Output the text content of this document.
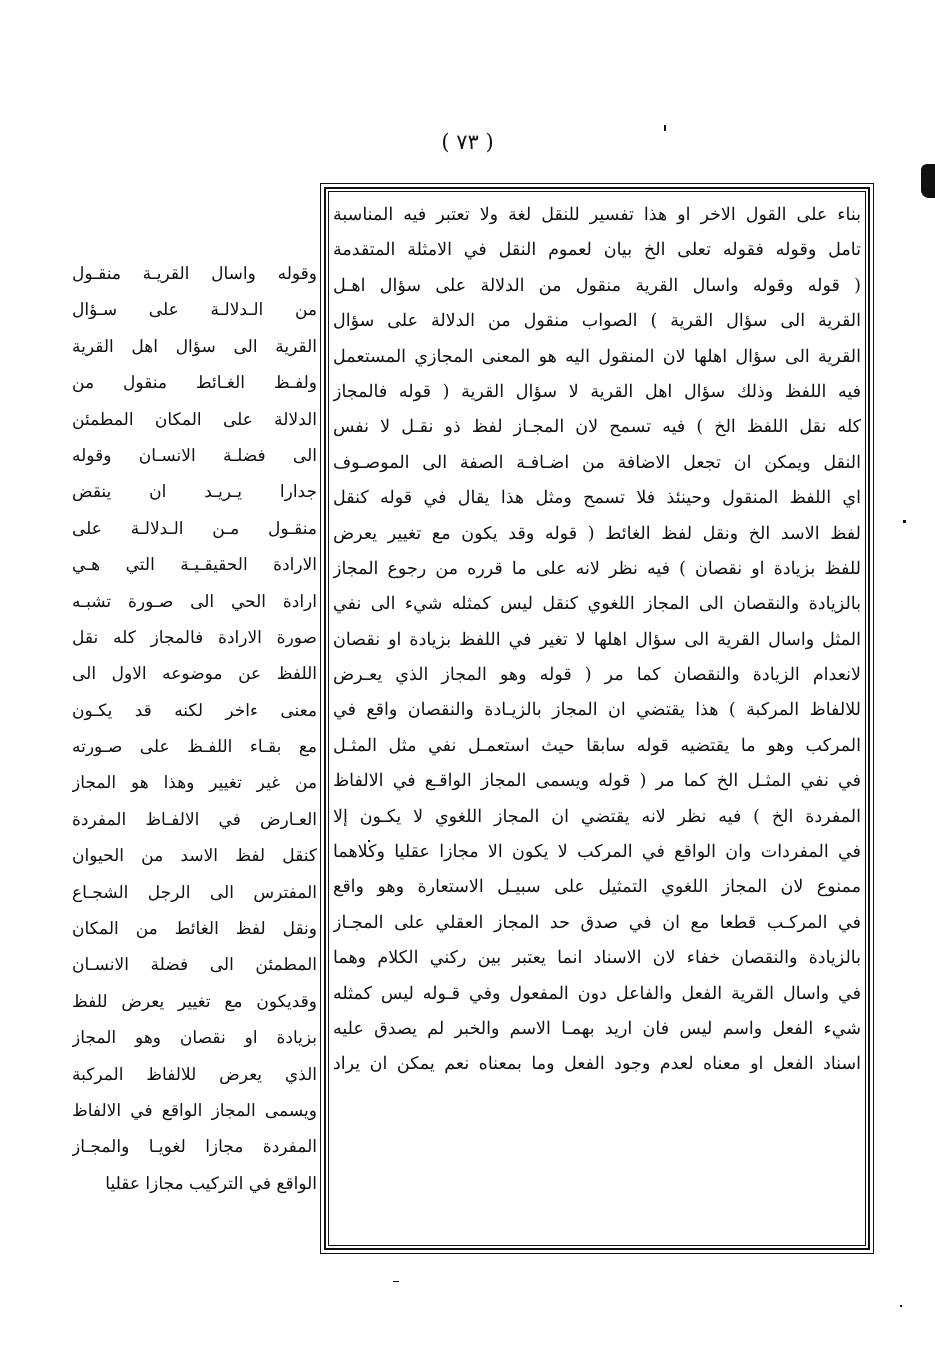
( ٧٣ )
بناء على القول الاخر او هذا تفسير للنقل لغة ولا تعتبر فيه المناسبة
تامل وقوله فقوله تعلى الخ بيان لعموم النقل في الامثلة المتقدمة
( قوله وقوله واسال القرية منقول من الدلالة على سؤال اهـل
القرية الى سؤال القرية ) الصواب منقول من الدلالة على سؤال
القرية الى سؤال اهلها لان المنقول اليه هو المعنى المجازي المستعمل
فيه اللفظ وذلك سؤال اهل القرية لا سؤال القرية ( قوله فالمجاز
كله نقل اللفظ الخ ) فيه تسمح لان المجـاز لفظ ذو نقـل لا نفس
النقل ويمكن ان تجعل الاضافة من اضـافـة الصفة الى الموصـوف
اي اللفظ المنقول وحينئذ فلا تسمح ومثل هذا يقال في قوله كنقل
لفظ الاسد الخ ونقل لفظ الغائط ( قوله وقد يكون مع تغيير يعرض
للفظ بزيادة او نقصان ) فيه نظر لانه على ما قرره من رجوع المجاز
بالزيادة والنقصان الى المجاز اللغوي كنقل ليس كمثله شيء الى نفي
المثل واسال القرية الى سؤال اهلها لا تغير في اللفظ بزيادة او نقصان
لانعدام الزيادة والنقصان كما مر ( قوله وهو المجاز الذي يعـرض
للالفاظ المركبة ) هذا يقتضي ان المجاز بالزيـادة والنقصان واقع في
المركب وهو ما يقتضيه قوله سابقا حيث استعمـل نفي مثل المثـل
في نفي المثـل الخ كما مر ( قوله ويسمى المجاز الواقـع في الالفاظ
المفردة الخ ) فيه نظر لانه يقتضي ان المجاز اللغوي لا يكـون إلا
في المفردات وان الواقع في المركب لا يكون الا مجازا عقليا وكلاهما
ممنوع لان المجاز اللغوي التمثيل على سبيـل الاستعارة وهو واقع
في المركـب قطعا مع ان في صدق حد المجاز العقلي على المجـاز
بالزيادة والنقصان خفاء لان الاسناد انما يعتبر بين ركني الكلام وهما
في واسال القرية الفعل والفاعل دون المفعول وفي قـوله ليس كمثله
شيء الفعل واسم ليس فان اريد بهمـا الاسم والخبر لم يصدق عليه
اسناد الفعل او معناه لعدم وجود الفعل وما بمعناه نعم يمكن ان يراد
وقوله واسال القريـة منقـول
من الـدلالـة على سـؤال
القرية الى سؤال اهل القرية
ولفـظ الغـائط منقول من
الدلالة على المكان المطمئن
الى فضلـة الانسـان وقوله
جدارا يـريـد ان ينقض
منقـول مـن الـدلالـة على
الارادة الحقيقـيـة التي هـي
ارادة الحي الى صـورة تشبـه
صورة الارادة فالمجاز كله نقل
اللفظ عن موضوعه الاول الى
معنى ءاخر لكنه قد يكـون
مع بقـاء اللفـظ على صـورته
من غير تغيير وهذا هو المجاز
العـارض في الالفـاظ المفردة
كنقل لفظ الاسد من الحيوان
المفترس الى الرجل الشجـاع
ونقل لفظ الغائط من المكان
المطمئن الى فضلة الانسـان
وقديكون مع تغيير يعرض للفظ
بزيادة او نقصان وهو المجاز
الذي يعرض للالفاظ المركبة
ويسمى المجاز الواقع في الالفاظ
المفردة مجازا لغويـا والمجـاز
الواقع في التركيب مجازا عقليا
